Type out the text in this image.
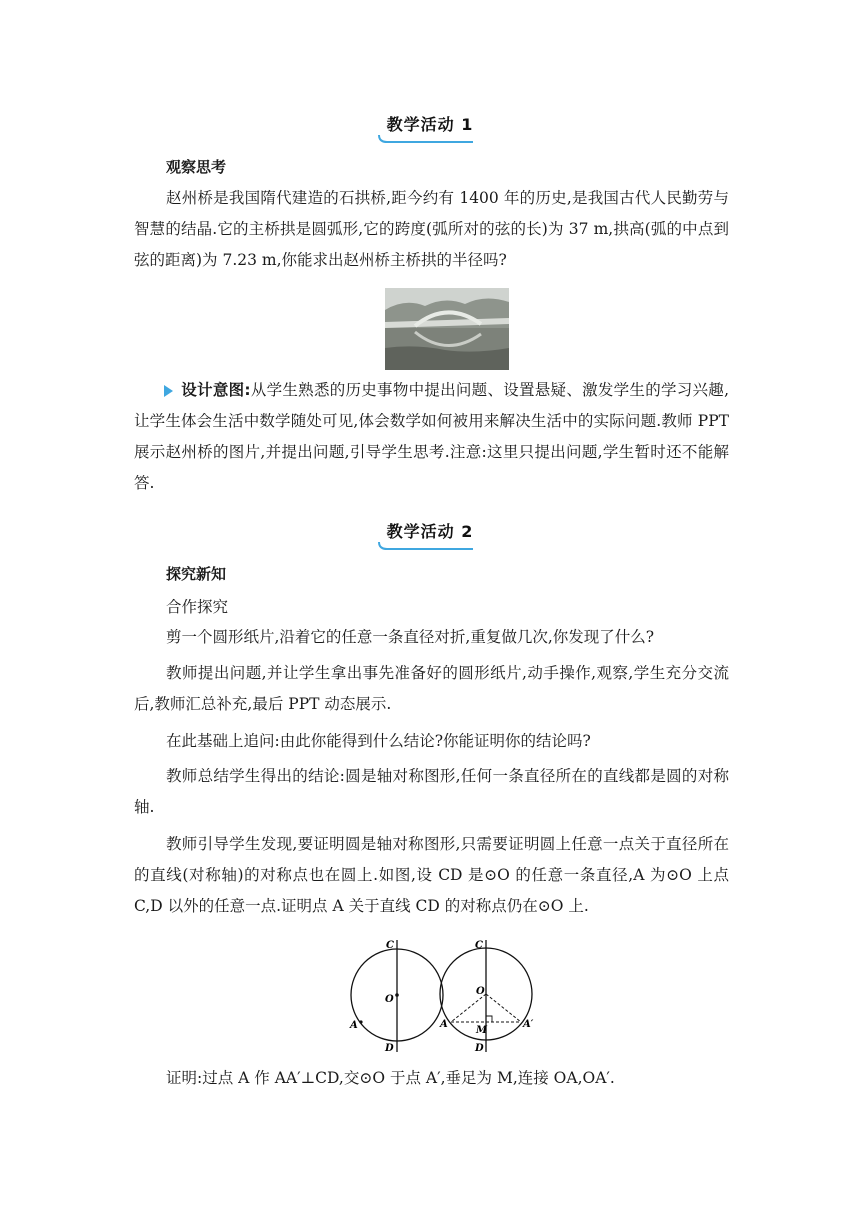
教学活动 1
观察思考

赵州桥是我国隋代建造的石拱桥,距今约有 1400 年的历史,是我国古代人民勤劳与智慧的结晶.它的主桥拱是圆弧形,它的跨度(弧所对的弦的长)为 37 m,拱高(弧的中点到弦的距离)为 7.23 m,你能求出赵州桥主桥拱的半径吗?

设计意图:从学生熟悉的历史事物中提出问题、设置悬疑、激发学生的学习兴趣,让学生体会生活中数学随处可见,体会数学如何被用来解决生活中的实际问题.教师 PPT 展示赵州桥的图片,并提出问题,引导学生思考.注意:这里只提出问题,学生暂时还不能解答.

教学活动 2
探究新知
合作探究

剪一个圆形纸片,沿着它的任意一条直径对折,重复做几次,你发现了什么?

教师提出问题,并让学生拿出事先准备好的圆形纸片,动手操作,观察,学生充分交流后,教师汇总补充,最后 PPT 动态展示.

在此基础上追问:由此你能得到什么结论?你能证明你的结论吗?

教师总结学生得出的结论:圆是轴对称图形,任何一条直径所在的直线都是圆的对称轴.

教师引导学生发现,要证明圆是轴对称图形,只需要证明圆上任意一点关于直径所在的直线(对称轴)的对称点也在圆上.如图,设 CD 是⊙O 的任意一条直径,A 为⊙O 上点 C,D 以外的任意一点.证明点 A 关于直线 CD 的对称点仍在⊙O 上.

C
O
A
D
C
O
A
M
A′
D

证明:过点 A 作 AA′⊥CD,交⊙O 于点 A′,垂足为 M,连接 OA,OA′.
